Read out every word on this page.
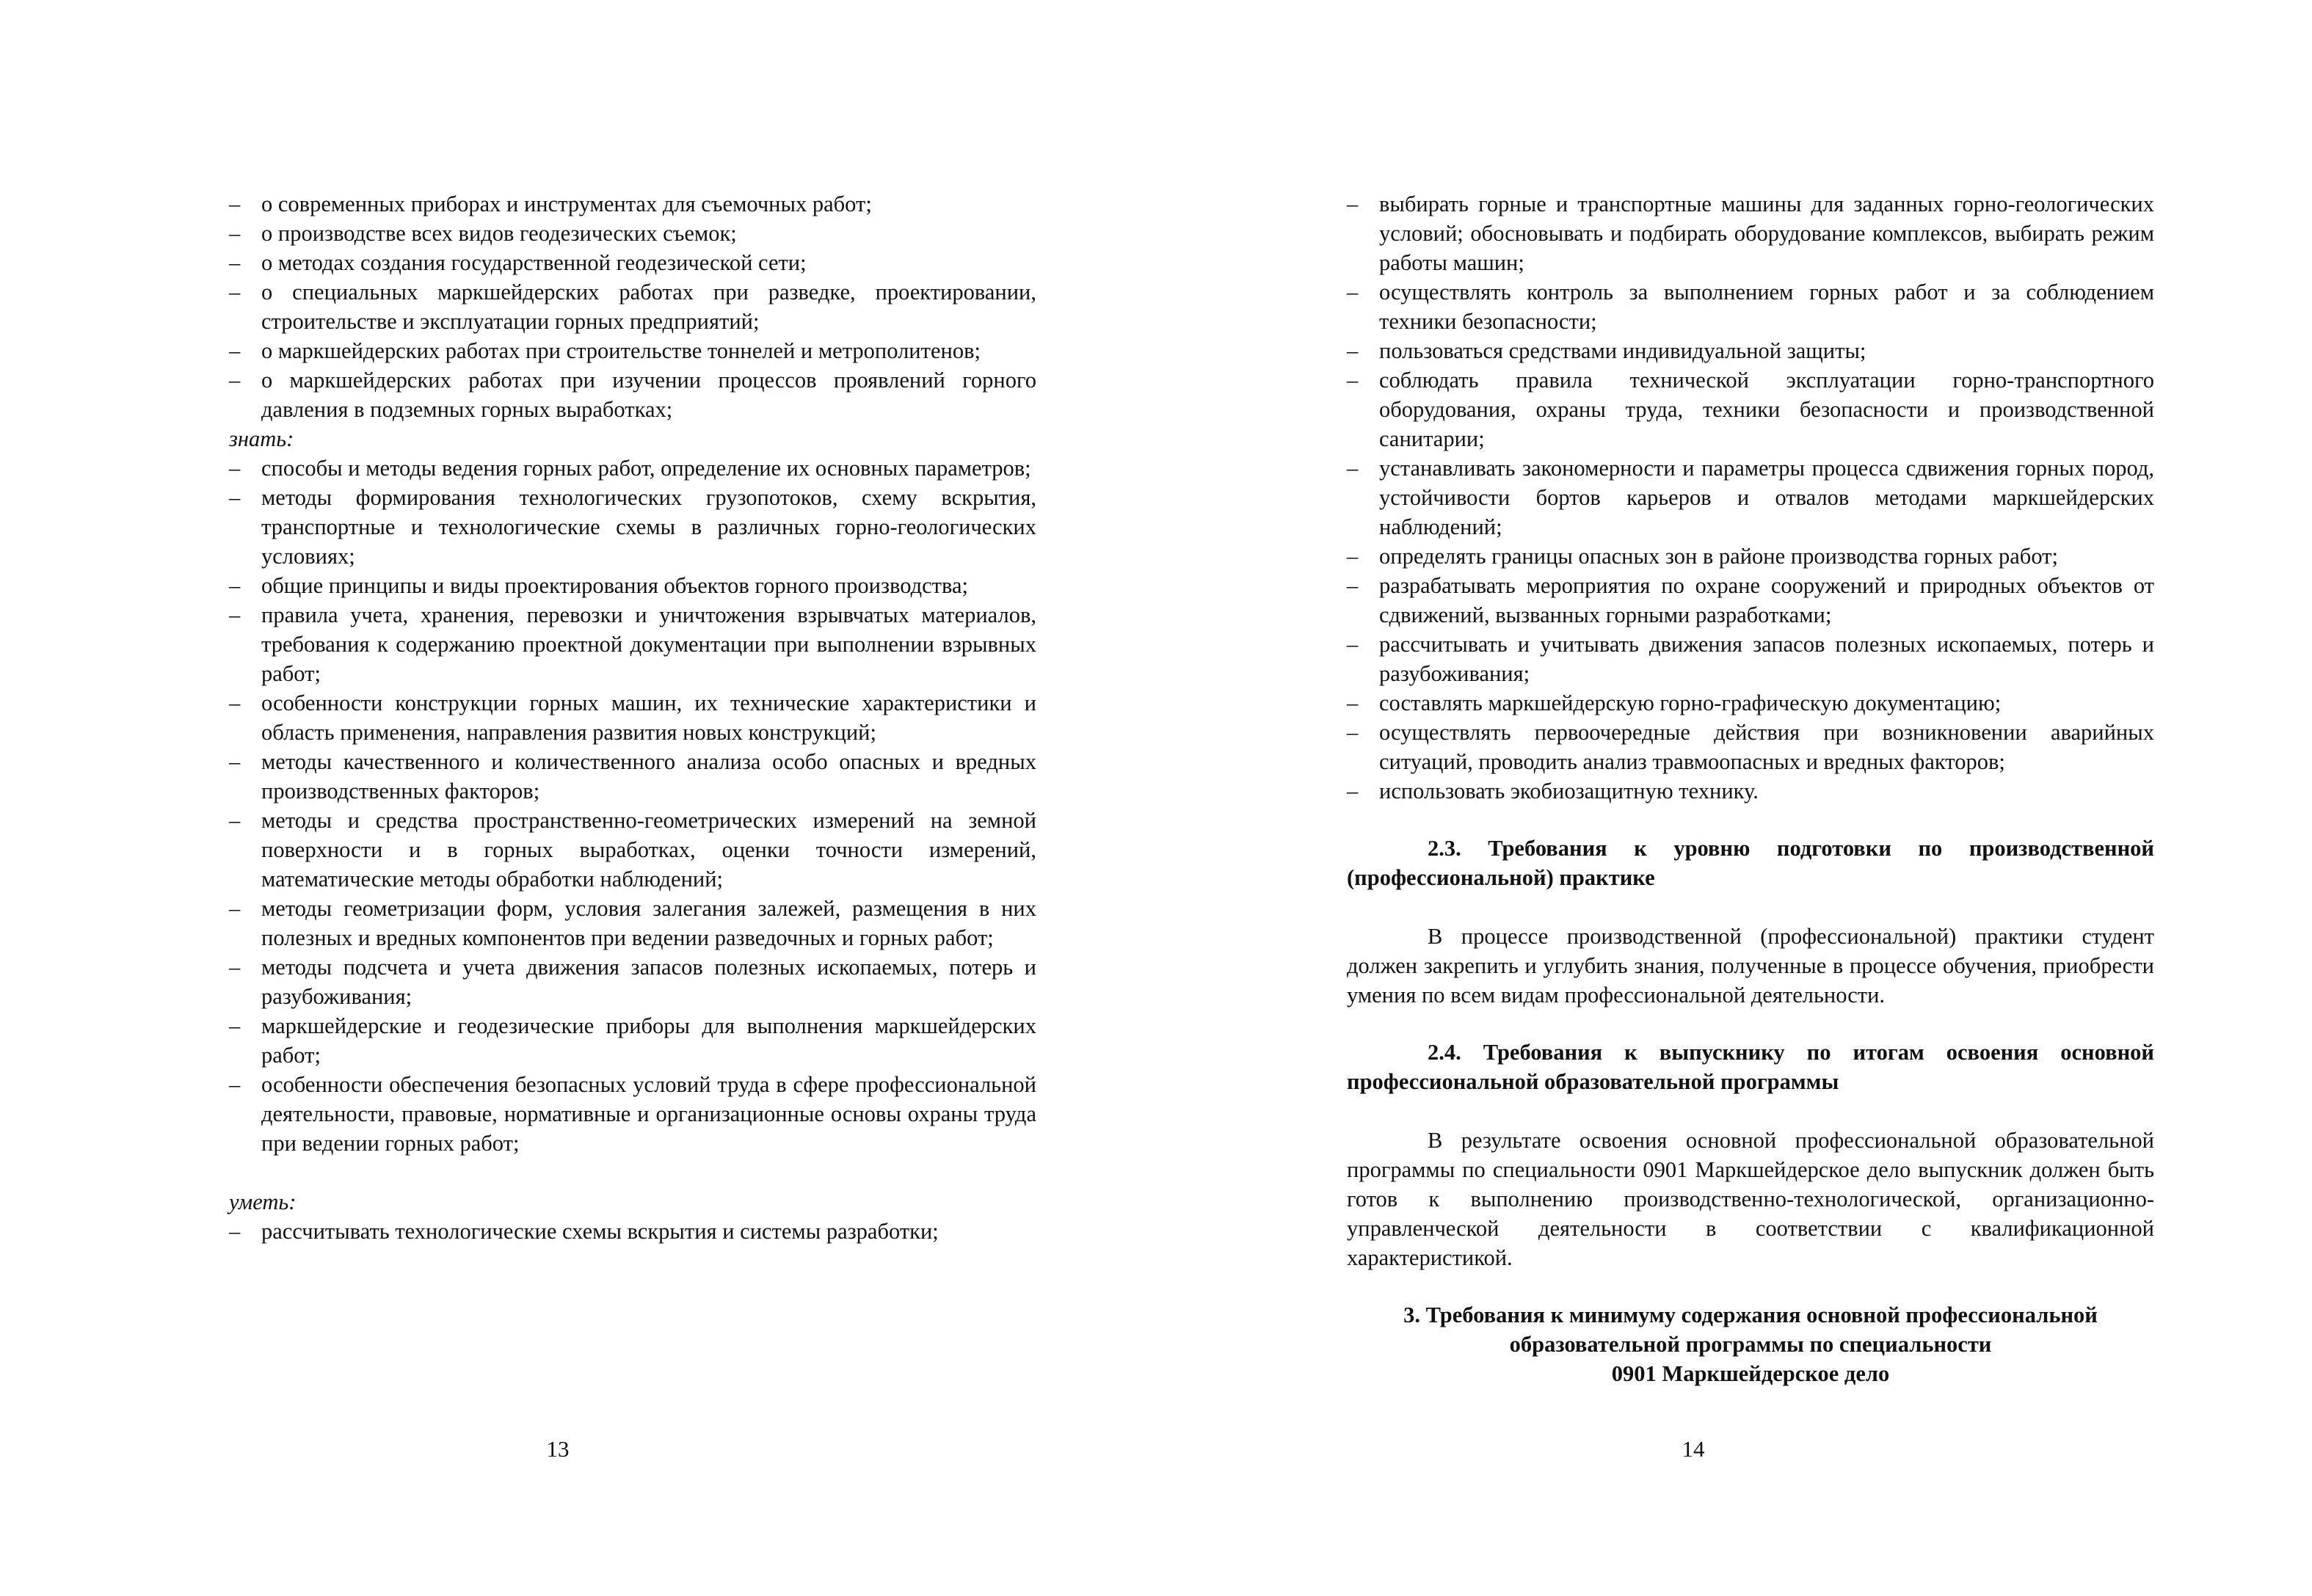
– о современных приборах и инструментах для съемочных работ;
– о производстве всех видов геодезических съемок;
– о методах создания государственной геодезической сети;
– о специальных маркшейдерских работах при разведке, проектировании, строительстве и эксплуатации горных предприятий;
– о маркшейдерских работах при строительстве тоннелей и метрополитенов;
– о маркшейдерских работах при изучении процессов проявлений горного давления в подземных горных выработках;
знать:
– способы и методы ведения горных работ, определение их основных параметров;
– методы формирования технологических грузопотоков, схему вскрытия, транспортные и технологические схемы в различных горно-геологических условиях;
– общие принципы и виды проектирования объектов горного производства;
– правила учета, хранения, перевозки и уничтожения взрывчатых материалов, требования к содержанию проектной документации при выполнении взрывных работ;
– особенности конструкции горных машин, их технические характеристики и область применения, направления развития новых конструкций;
– методы качественного и количественного анализа особо опасных и вредных производственных факторов;
– методы и средства пространственно-геометрических измерений на земной поверхности и в горных выработках, оценки точности измерений, математические методы обработки наблюдений;
– методы геометризации форм, условия залегания залежей, размещения в них полезных и вредных компонентов при ведении разведочных и горных работ;
– методы подсчета и учета движения запасов полезных ископаемых, потерь и разубоживания;
– маркшейдерские и геодезические приборы для выполнения маркшейдерских работ;
– особенности обеспечения безопасных условий труда в сфере профессиональной деятельности, правовые, нормативные и организационные основы охраны труда при ведении горных работ;
уметь:
– рассчитывать технологические схемы вскрытия и системы разработки;
13
– выбирать горные и транспортные машины для заданных горно-геологических условий; обосновывать и подбирать оборудование комплексов, выбирать режим работы машин;
– осуществлять контроль за выполнением горных работ и за соблюдением техники безопасности;
– пользоваться средствами индивидуальной защиты;
– соблюдать правила технической эксплуатации горно-транспортного оборудования, охраны труда, техники безопасности и производственной санитарии;
– устанавливать закономерности и параметры процесса сдвижения горных пород, устойчивости бортов карьеров и отвалов методами маркшейдерских наблюдений;
– определять границы опасных зон в районе производства горных работ;
– разрабатывать мероприятия по охране сооружений и природных объектов от сдвижений, вызванных горными разработками;
– рассчитывать и учитывать движения запасов полезных ископаемых, потерь и разубоживания;
– составлять маркшейдерскую горно-графическую документацию;
– осуществлять первоочередные действия при возникновении аварийных ситуаций, проводить анализ травмоопасных и вредных факторов;
– использовать экобиозащитную технику.
2.3. Требования к уровню подготовки по производственной (профессиональной) практике
В процессе производственной (профессиональной) практики студент должен закрепить и углубить знания, полученные в процессе обучения, приобрести умения по всем видам профессиональной деятельности.
2.4. Требования к выпускнику по итогам освоения основной профессиональной образовательной программы
В результате освоения основной профессиональной образовательной программы по специальности 0901 Маркшейдерское дело выпускник должен быть готов к выполнению производственно-технологической, организационно-управленческой деятельности в соответствии с квалификационной характеристикой.
3. Требования к минимуму содержания основной профессиональной
образовательной программы по специальности
0901 Маркшейдерское дело
14
